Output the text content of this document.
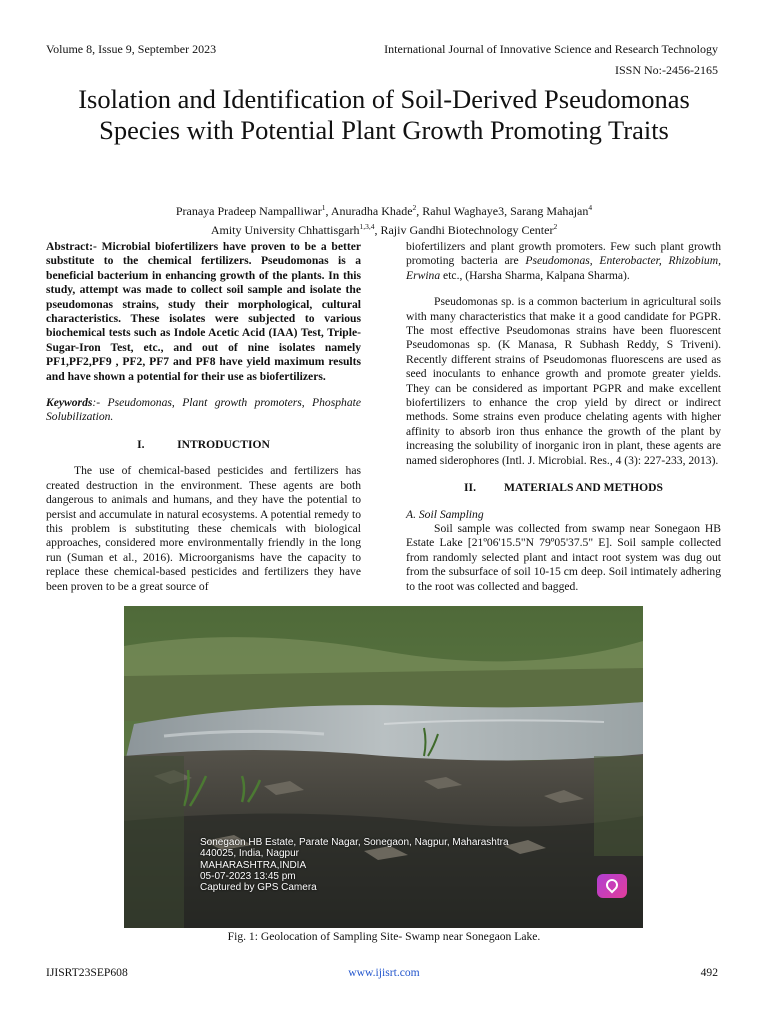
Volume 8, Issue 9, September 2023	International Journal of Innovative Science and Research Technology
ISSN No:-2456-2165
Isolation and Identification of Soil-Derived Pseudomonas Species with Potential Plant Growth Promoting Traits
Pranaya Pradeep Nampalliwar$^1$, Anuradha Khade$^2$, Rahul Waghaye3, Sarang Mahajan$^4$
Amity University Chhattisgarh$^{1,3,4}$, Rajiv Gandhi Biotechnology Center$^2$

Abstract:- Microbial biofertilizers have proven to be a better substitute to the chemical fertilizers. Pseudomonas is a beneficial bacterium in enhancing growth of the plants. In this study, attempt was made to collect soil sample and isolate the pseudomonas strains, study their morphological, cultural characteristics. These isolates were subjected to various biochemical tests such as Indole Acetic Acid (IAA) Test, Triple-Sugar-Iron Test, etc., and out of nine isolates namely PF1,PF2,PF9 , PF2, PF7 and PF8 have yield maximum results and have shown a potential for their use as biofertilizers.

Keywords:- Pseudomonas, Plant growth promoters, Phosphate Solubilization.

I.	INTRODUCTION

The use of chemical-based pesticides and fertilizers has created destruction in the environment. These agents are both dangerous to animals and humans, and they have the potential to persist and accumulate in natural ecosystems. A potential remedy to this problem is substituting these chemicals with biological approaches, considered more environmentally friendly in the long run (Suman et al., 2016). Microorganisms have the capacity to replace these chemical-based pesticides and fertilizers they have been proven to be a great source of

biofertilizers and plant growth promoters. Few such plant growth promoting bacteria are Pseudomonas, Enterobacter, Rhizobium, Erwina etc., (Harsha Sharma, Kalpana Sharma).

Pseudomonas sp. is a common bacterium in agricultural soils with many characteristics that make it a good candidate for PGPR. The most effective Pseudomonas strains have been fluorescent Pseudomonas sp. (K Manasa, R Subhash Reddy, S Triveni). Recently different strains of Pseudomonas fluorescens are used as seed inoculants to enhance growth and promote greater yields. They can be considered as important PGPR and make excellent biofertilizers to enhance the crop yield by direct or indirect methods. Some strains even produce chelating agents with higher affinity to absorb iron thus enhance the growth of the plant by increasing the solubility of inorganic iron in plant, these agents are named siderophores (Intl. J. Microbial. Res., 4 (3): 227-233, 2013).

II. MATERIALS AND METHODS

A. Soil Sampling

Soil sample was collected from swamp near Sonegaon HB Estate Lake [21º06'15.5"N 79º05'37.5" E]. Soil sample collected from randomly selected plant and intact root system was dug out from the subsurface of soil 10-15 cm deep. Soil intimately adhering to the root was collected and bagged.

Sonegaon HB Estate, Parate Nagar, Sonegaon, Nagpur, Maharashtra
440025, India, Nagpur
MAHARASHTRA,INDIA
05-07-2023 13:45 pm
Captured by GPS Camera
Fig. 1: Geolocation of Sampling Site- Swamp near Sonegaon Lake.
IJISRT23SEP608	www.ijisrt.com	492
